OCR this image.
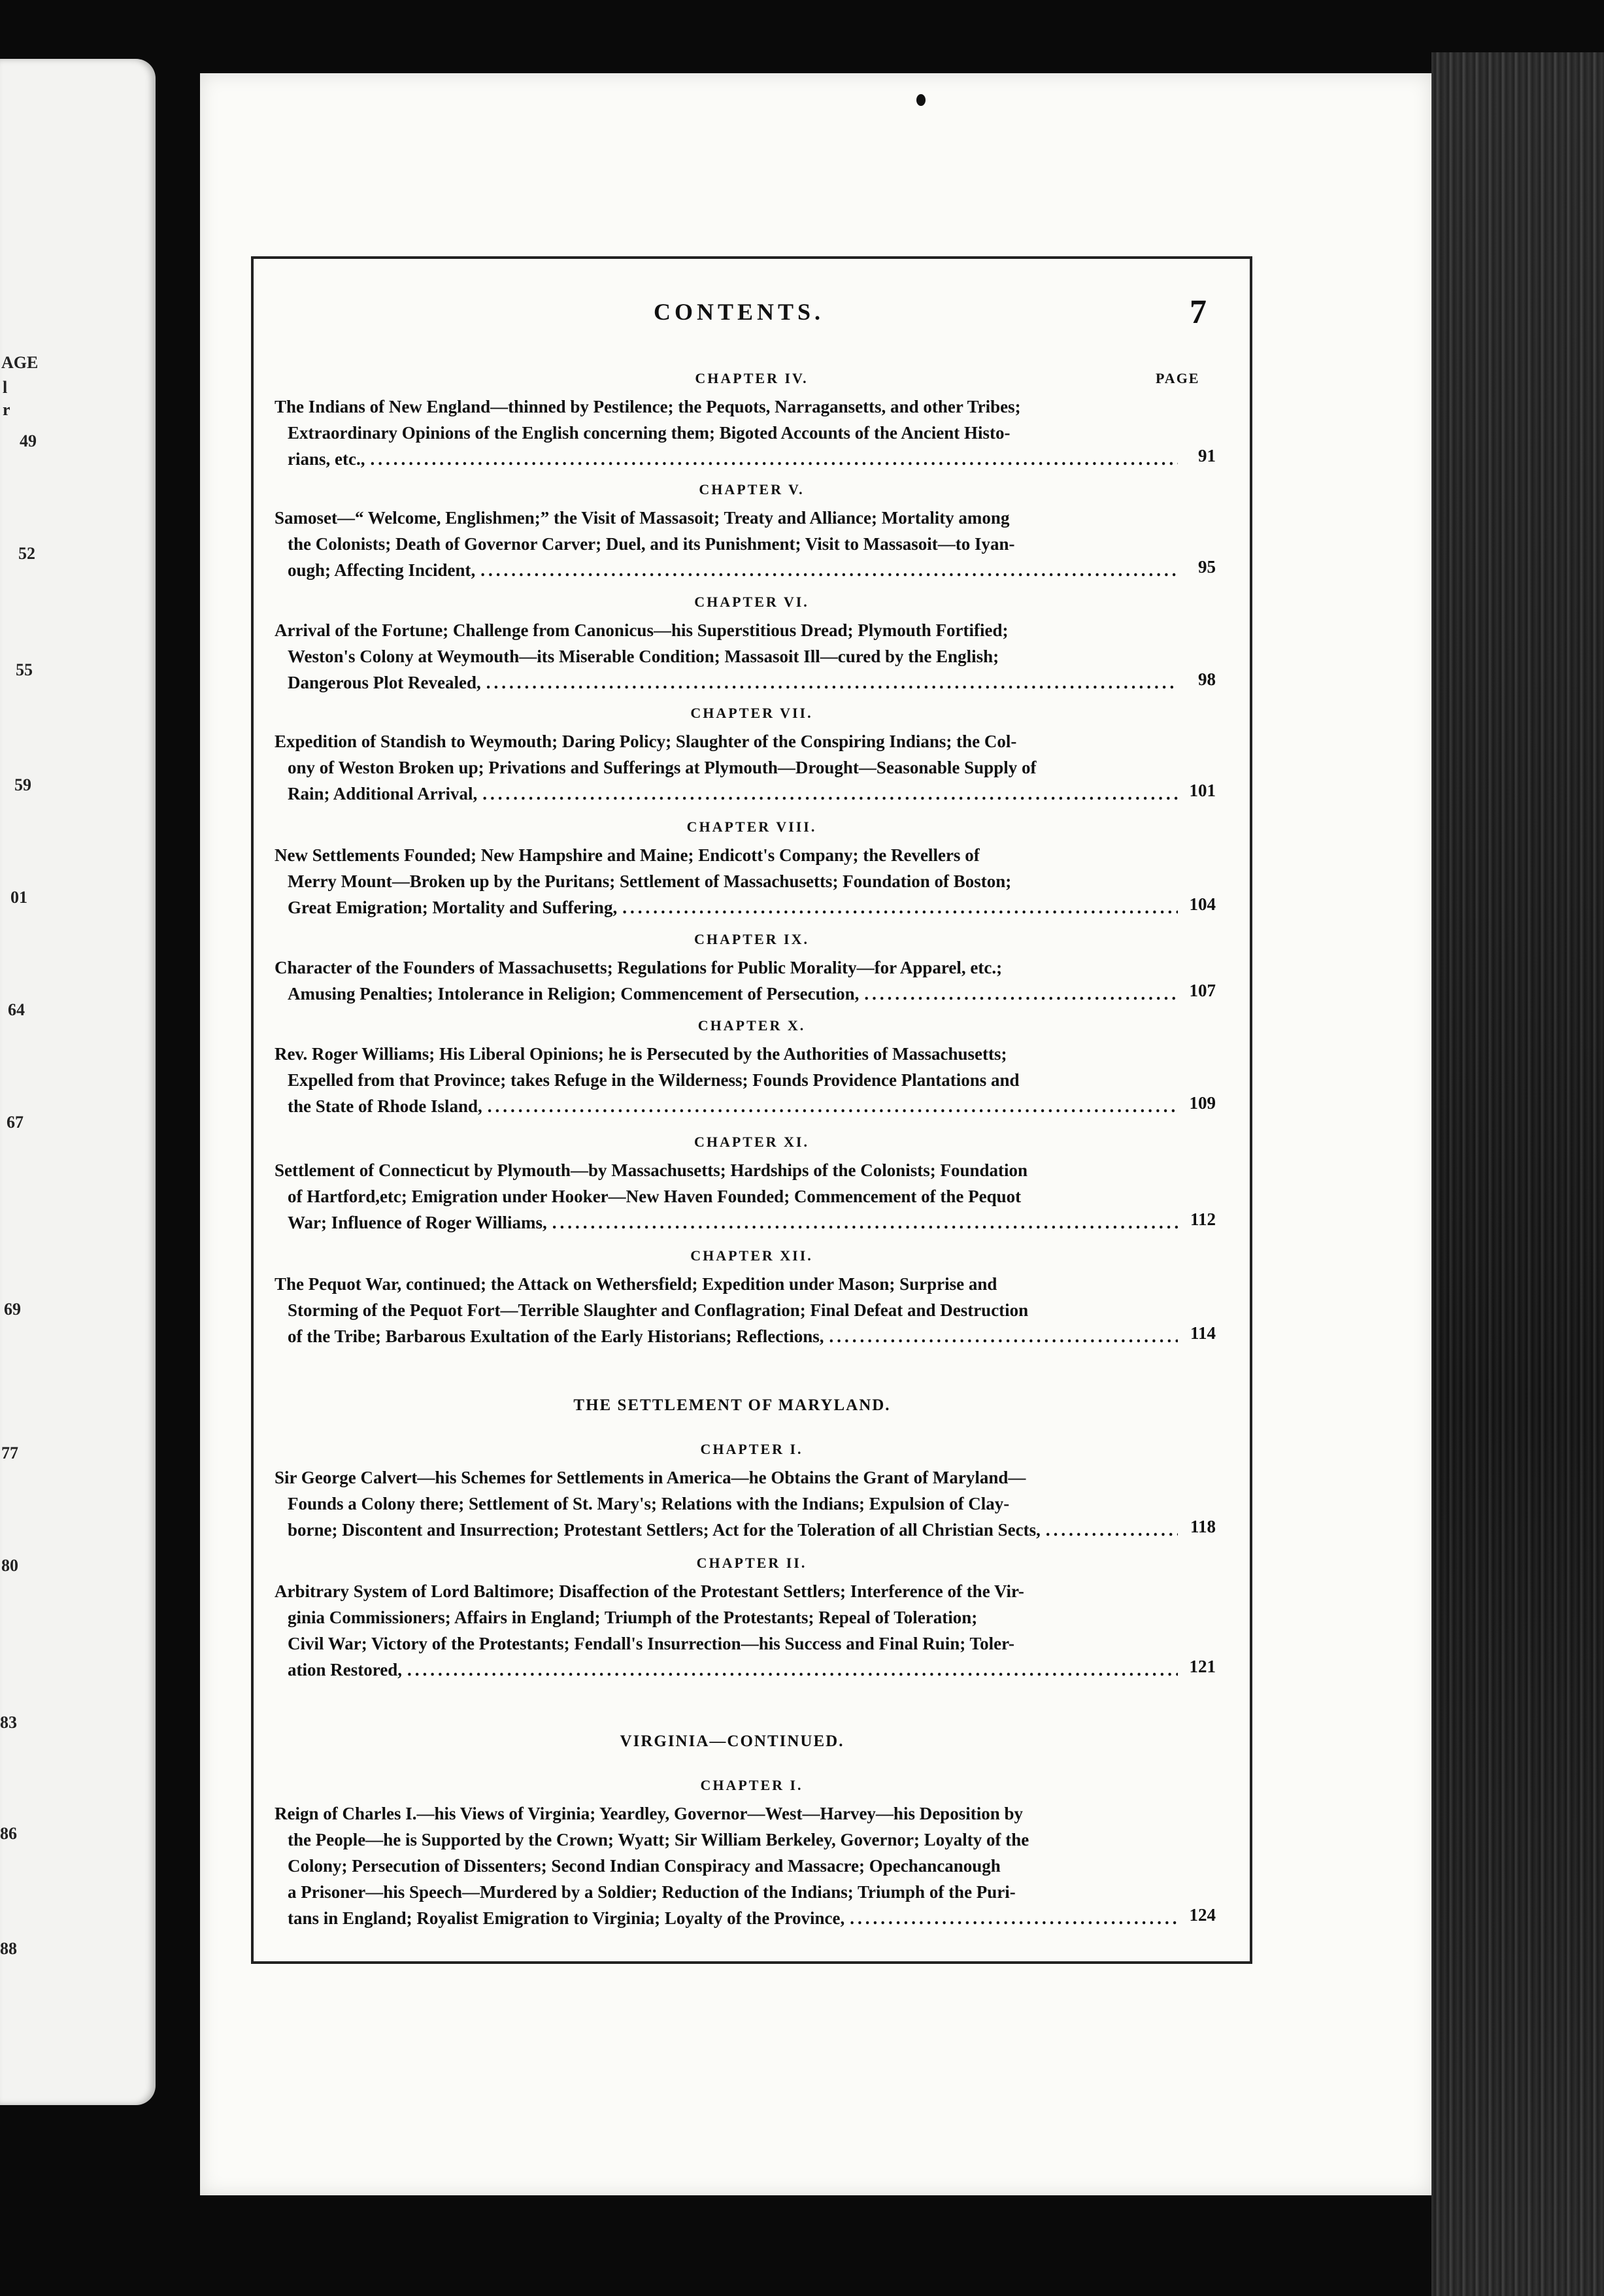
AGE
l
r
49
52
55
59
01
64
67
69
77
80
83
86
88
CONTENTS.	7
PAGE
CHAPTER IV.
The Indians of New England—thinned by Pestilence; the Pequots, Narragansetts, and other Tribes;
Extraordinary Opinions of the English concerning them; Bigoted Accounts of the Ancient Histo-
rians, etc., .....	91
CHAPTER V.
Samoset—“ Welcome, Englishmen;” the Visit of Massasoit; Treaty and Alliance; Mortality among
the Colonists; Death of Governor Carver; Duel, and its Punishment; Visit to Massasoit—to Iyan-
ough; Affecting Incident, .....	95
CHAPTER VI.
Arrival of the Fortune; Challenge from Canonicus—his Superstitious Dread; Plymouth Fortified;
Weston's Colony at Weymouth—its Miserable Condition; Massasoit Ill—cured by the English;
Dangerous Plot Revealed, .....	98
CHAPTER VII.
Expedition of Standish to Weymouth; Daring Policy; Slaughter of the Conspiring Indians; the Col-
ony of Weston Broken up; Privations and Sufferings at Plymouth—Drought—Seasonable Supply of
Rain; Additional Arrival, .....	101
CHAPTER VIII.
New Settlements Founded; New Hampshire and Maine; Endicott's Company; the Revellers of
Merry Mount—Broken up by the Puritans; Settlement of Massachusetts; Foundation of Boston;
Great Emigration; Mortality and Suffering, .....	104
CHAPTER IX.
Character of the Founders of Massachusetts; Regulations for Public Morality—for Apparel, etc.;
Amusing Penalties; Intolerance in Religion; Commencement of Persecution, .....	107
CHAPTER X.
Rev. Roger Williams; His Liberal Opinions; he is Persecuted by the Authorities of Massachusetts;
Expelled from that Province; takes Refuge in the Wilderness; Founds Providence Plantations and
the State of Rhode Island, .....	109
CHAPTER XI.
Settlement of Connecticut by Plymouth—by Massachusetts; Hardships of the Colonists; Foundation
of Hartford,etc; Emigration under Hooker—New Haven Founded; Commencement of the Pequot
War; Influence of Roger Williams, .....	112
CHAPTER XII.
The Pequot War, continued; the Attack on Wethersfield; Expedition under Mason; Surprise and
Storming of the Pequot Fort—Terrible Slaughter and Conflagration; Final Defeat and Destruction
of the Tribe; Barbarous Exultation of the Early Historians; Reflections, .....	114
THE SETTLEMENT OF MARYLAND.
CHAPTER I.
Sir George Calvert—his Schemes for Settlements in America—he Obtains the Grant of Maryland—
Founds a Colony there; Settlement of St. Mary's; Relations with the Indians; Expulsion of Clay-
borne; Discontent and Insurrection; Protestant Settlers; Act for the Toleration of all Christian Sects, .....	118
CHAPTER II.
Arbitrary System of Lord Baltimore; Disaffection of the Protestant Settlers; Interference of the Vir-
ginia Commissioners; Affairs in England; Triumph of the Protestants; Repeal of Toleration;
Civil War; Victory of the Protestants; Fendall's Insurrection—his Success and Final Ruin; Toler-
ation Restored, .....	121
VIRGINIA—CONTINUED.
CHAPTER I.
Reign of Charles I.—his Views of Virginia; Yeardley, Governor—West—Harvey—his Deposition by
the People—he is Supported by the Crown; Wyatt; Sir William Berkeley, Governor; Loyalty of the
Colony; Persecution of Dissenters; Second Indian Conspiracy and Massacre; Opechancanough
a Prisoner—his Speech—Murdered by a Soldier; Reduction of the Indians; Triumph of the Puri-
tans in England; Royalist Emigration to Virginia; Loyalty of the Province, .....	124
